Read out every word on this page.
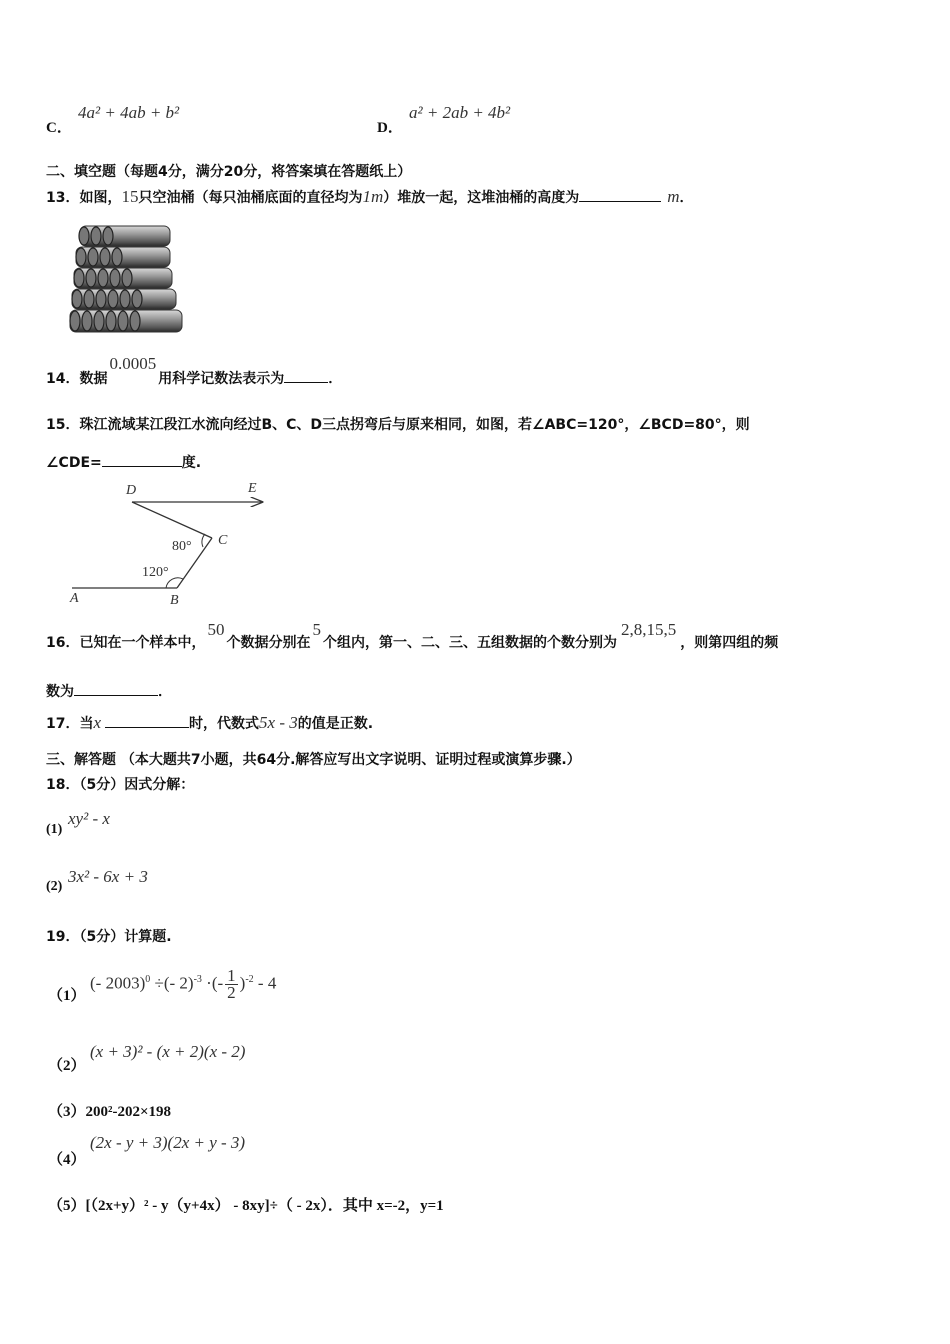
C．
4a² + 4ab + b²
D．
a² + 2ab + 4b²
二、填空题（每题4分，满分20分，将答案填在答题纸上）
13．如图，15只空油桶（每只油桶底面的直径均为1m）堆放一起，这堆油桶的高度为	m．
14．数据0.0005用科学记数法表示为	．
15．珠江流域某江段江水流向经过B、C、D三点拐弯后与原来相同，如图，若∠ABC=120°，∠BCD=80°，则
∠CDE=	度.
D	E
C
A	B
80°
120°
16．已知在一个样本中，50个数据分别在5个组内，第一、二、三、五组数据的个数分别为2,8,15,5，则第四组的频
数为	．
17．当x	时，代数式5x - 3的值是正数.
三、解答题 （本大题共7小题，共64分.解答应写出文字说明、证明过程或演算步骤.）
18．（5分）因式分解：
(1)
xy² - x
(2)
3x² - 6x + 3
19．（5分）计算题.
（1）
(- 2003)$^0$ ÷(- 2)$^{-3}$ ·(- $\frac{1}{2} )^{-2} - 4$
（2）
(x + 3)² - (x + 2)(x - 2)
（3）200²-202×198
（4）
(2x - y + 3)(2x + y - 3)
（5）[（2x+y）² - y（y+4x） - 8xy]÷（ - 2x）．其中 x=-2，y=1
